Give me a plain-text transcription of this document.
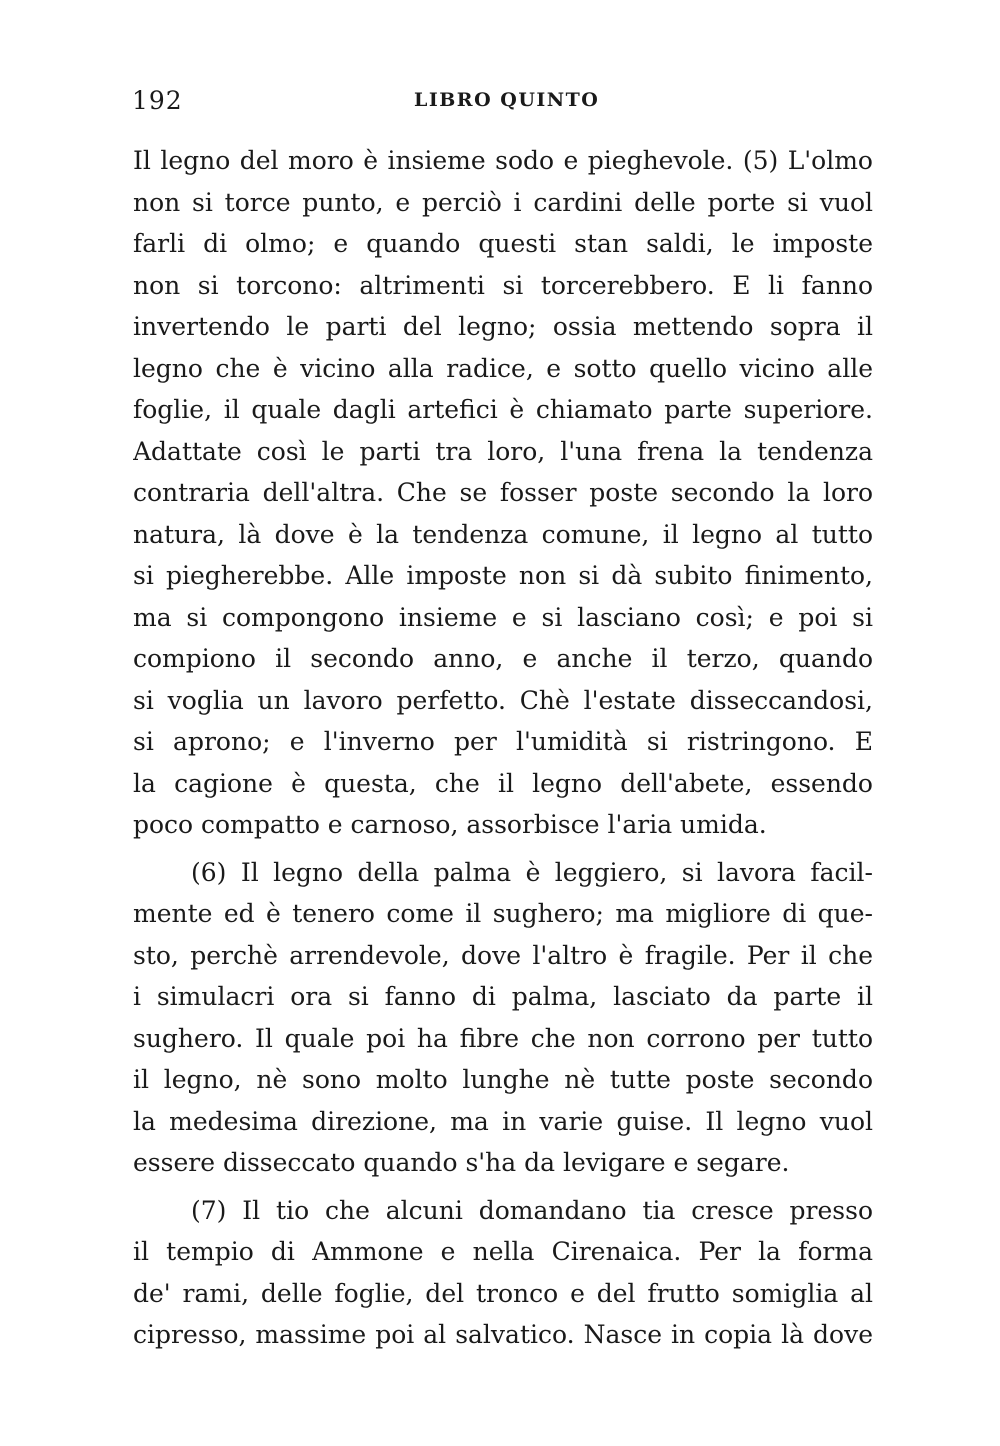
192	LIBRO QUINTO
Il legno del moro è insieme sodo e pieghevole. (5) L'olmo
non si torce punto, e perciò i cardini delle porte si vuol
farli di olmo; e quando questi stan saldi, le imposte
non si torcono: altrimenti si torcerebbero. E li fanno
invertendo le parti del legno; ossia mettendo sopra il
legno che è vicino alla radice, e sotto quello vicino alle
foglie, il quale dagli artefici è chiamato parte superiore.
Adattate così le parti tra loro, l'una frena la tendenza
contraria dell'altra. Che se fosser poste secondo la loro
natura, là dove è la tendenza comune, il legno al tutto
si piegherebbe. Alle imposte non si dà subito finimento,
ma si compongono insieme e si lasciano così; e poi si
compiono il secondo anno, e anche il terzo, quando
si voglia un lavoro perfetto. Chè l'estate disseccandosi,
si aprono; e l'inverno per l'umidità si ristringono. E
la cagione è questa, che il legno dell'abete, essendo
poco compatto e carnoso, assorbisce l'aria umida.
(6) Il legno della palma è leggiero, si lavora facil-
mente ed è tenero come il sughero; ma migliore di que-
sto, perchè arrendevole, dove l'altro è fragile. Per il che
i simulacri ora si fanno di palma, lasciato da parte il
sughero. Il quale poi ha fibre che non corrono per tutto
il legno, nè sono molto lunghe nè tutte poste secondo
la medesima direzione, ma in varie guise. Il legno vuol
essere disseccato quando s'ha da levigare e segare.
(7) Il tio che alcuni domandano tia cresce presso
il tempio di Ammone e nella Cirenaica. Per la forma
de' rami, delle foglie, del tronco e del frutto somiglia al
cipresso, massime poi al salvatico. Nasce in copia là dove
